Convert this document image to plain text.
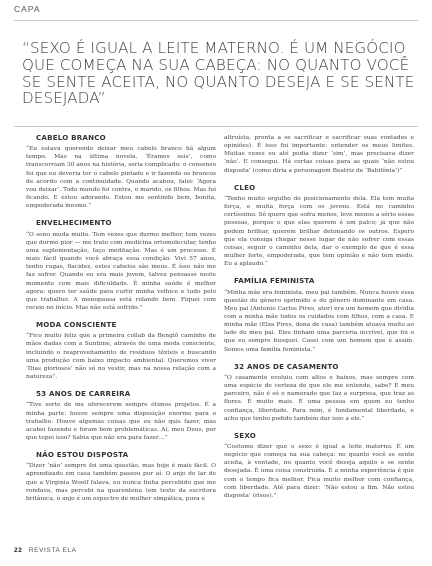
CAPA
“SEXO É IGUAL A LEITE MATERNO. É UM NEGÓCIO QUE COMEÇA NA SUA CABEÇA: NO QUANTO VOCÊ SE SENTE ACEITA, NO QUANTO DESEJA E SE SENTE DESEJADA”
CABELO BRANCO

“Eu estava querendo deixar meu cabelo branco há algum tempo. Mas na última novela, ‘Éramos seis’, como transcorriam 30 anos na história, seria complicado: o consenso foi que eu deveria ter o cabelo pintado e ir fazendo os brancos de acordo com a continuidade. Quando acabou, falei: ‘Agora vou deixar’. Todo mundo foi contra, o marido, os filhos. Mas fui ficando. E estou adorando. Estou me sentindo bem, bonita, empoderada mesmo.”

ENVELHECIMENTO

“O sono muda muito. Tem vezes que durmo melhor, tem vezes que durmo pior — me trato com medicina ortomolecular, tenho uma suplementação, faço meditação. Mas é um processo. É mais fácil quando você abraça essa condição. Vivi 57 anos, tenho rugas, flacidez, estes cabelos são meus. É isso não me faz sofrer. Quando eu era mais jovem, talvez pensasse neste momento com mais dificuldade. É minha saúde é melhor agora: quero ter saúde para curtir minha velhice e tudo pelo que trabalhei. A menopausa está rolando bem. Fiquei com receio no início. Mas não está sofrido.”

MODA CONSCIENTE

“Fico muito feliz que a primeira collab da Benglô caminhe de mãos dadas com a Suntime, através de uma moda consciente, incluindo o reaproveitamento de resíduos têxteis e buscando uma produção com baixo impacto ambiental. Queremos viver ‘Dias gloriosos’ não só no vestir, mas na nossa relação com a natureza”.

53 ANOS DE CARREIRA

“Tive sorte de me oferecerem sempre ótimos projetos. É a minha parte: houve sempre uma disposição enorme para o trabalho. Houve algumas coisas que eu não quis fazer, mas acabei fazendo e foram bem problemáticas. Aí, meu Deus, por que topei isso? Sabia que não era para fazer…”

NÃO ESTOU DISPOSTA

“Dizer ‘não’ sempre foi uma questão, mas hoje é mais fácil. O aprendizado em casa também passou por aí. O anjo do lar de que a Virginia Woolf falava, eu nunca tinha percebido que me rondava, mas percebi na quarentena (em texto da escritora britânica, o anjo é um espectro de mulher simpática, pura e

altruísta, pronta a se sacrificar e sacrificar suas vontades e opiniões). É isso foi importante: entender os meus limites. Muitas vezes eu até podia dizer ‘sim’, mas precisava dizer ‘não’. E consegui. Há certas coisas para as quais ‘não estou disposta’ (como diria a personagem Beatriz de ‘Babilônia’)”

CLEO

“Tenho muito orgulho do posicionamento dela. Ela tem muita força, e muita força com os jovens. Está no caminho certíssimo. Só quero que sofra menos, leve menos a sério essas pessoas, porque o que elas querem é um palco; já que não podem brilhar, querem brilhar detonando os outros. Espero que ela consiga chegar nesse lugar de não sofrer com essas coisas, seguir o caminho dela, dar o exemplo de que é essa mulher forte, empoderada, que tem opinião e não tem medo. Eu a aplaudo.”

FAMÍLIA FEMINISTA

“Minha mãe era feminista, meu pai também. Nunca houve essa questão do gênero oprimido e do gênero dominante em casa. Meu pai (Antonio Carlos Pires, ator) era um homem que dividia com a minha mãe todos os cuidados com filhos, com a casa. E minha mãe (Elza Pires, dona de casa) também atuava muito ao lado do meu pai. Eles tinham uma parceria incrível, que foi o que eu sempre busquei. Casei com um homem que é assim. Somos uma família feminista.”

32 ANOS DE CASAMENTO

“O casamento evoluiu com altos e baixos, mas sempre com uma espécie de certeza de que ele me entende, sabe? É meu parceiro, não é só o namorado que faz a surpresa, que traz as flores. É muito mais. É uma pessoa em quem eu tenho confiança, liberdade. Para mim, é fundamental liberdade, e acho que tenho podido também dar isso a ele.”

SEXO

“Costumo dizer que o sexo é igual a leite materno. É um negócio que começa na sua cabeça: no quanto você se sente aceita, à vontade, no quanto você deseja aquilo e se sente desejada. É uma coisa construída. É a minha experiência é que com o tempo fica melhor. Fica muito melhor com confiança, com liberdade. Até para dizer: ‘Não estou a fim. Não estou disposta’ (risos).”

22 REVISTA ELA
